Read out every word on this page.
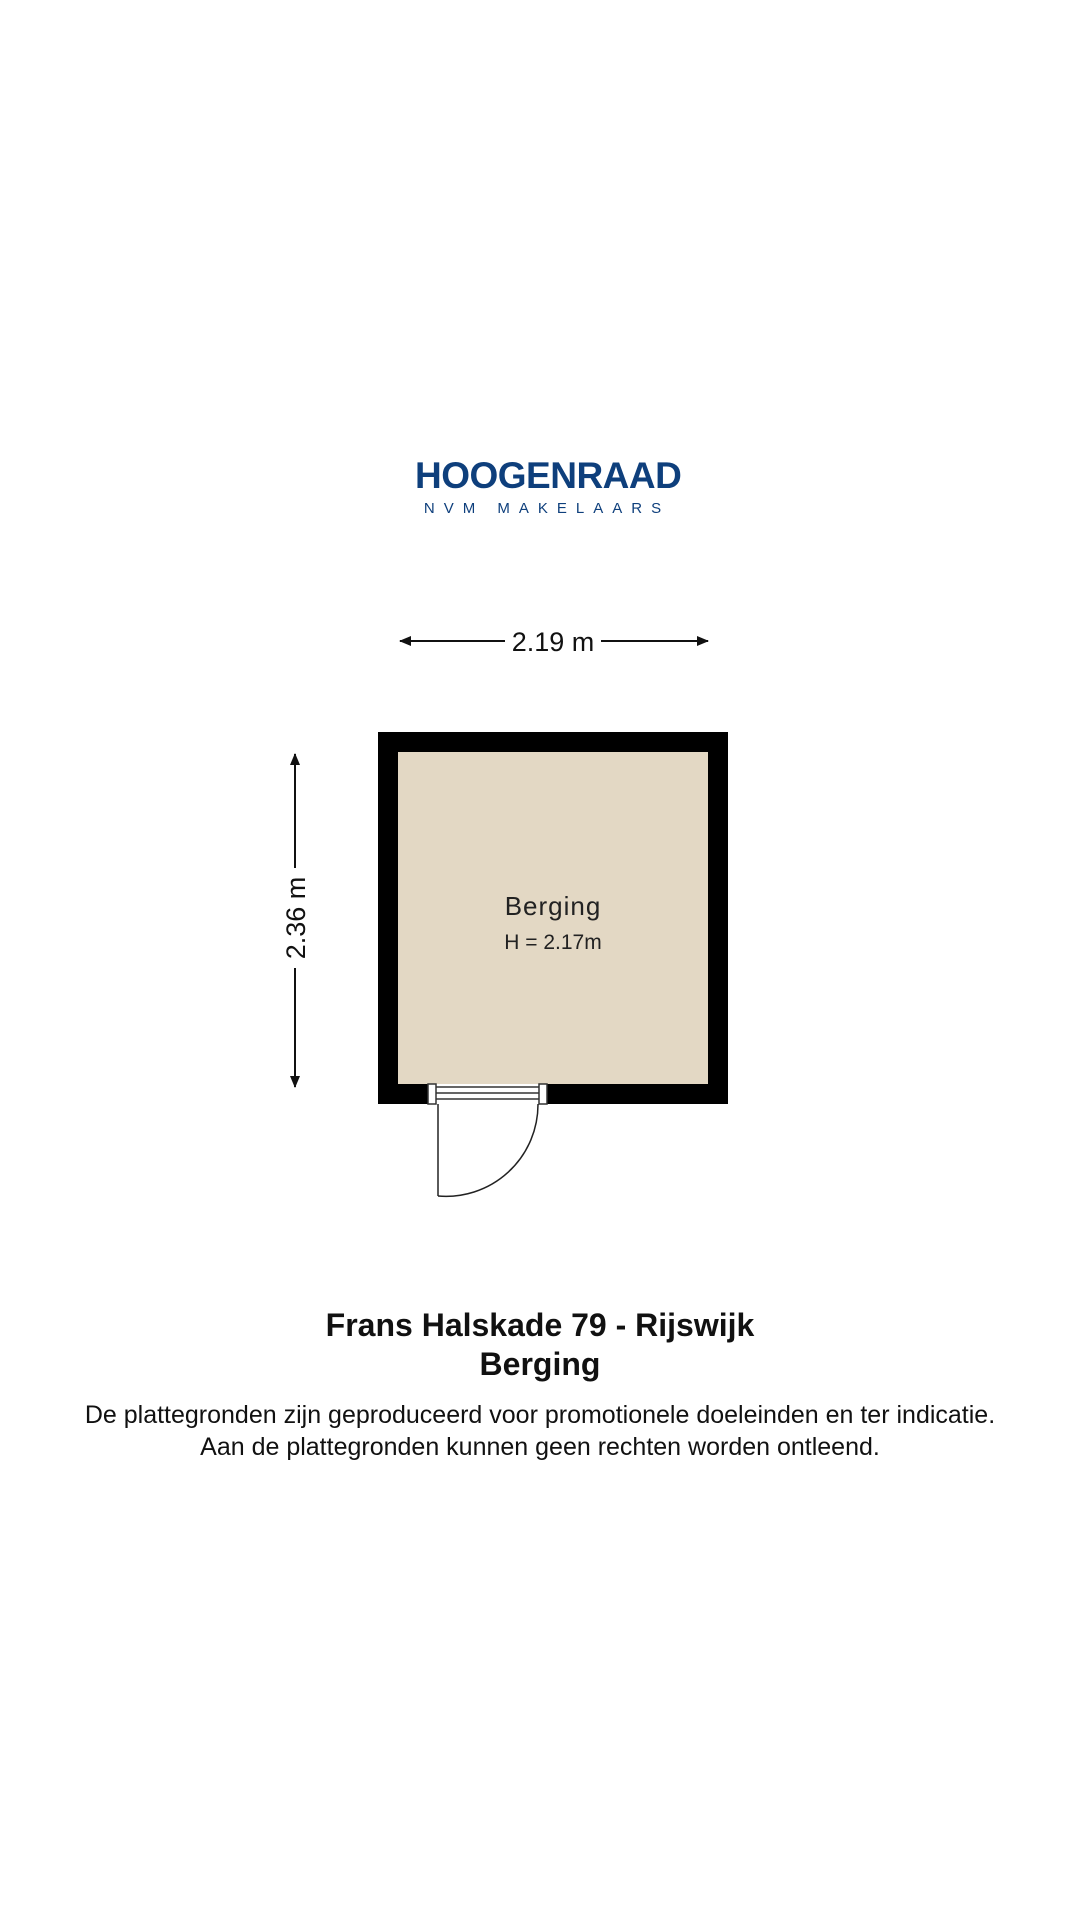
HOOGENRAAD
NVM MAKELAARS
2.19 m
2.36 m	Berging
H = 2.17m
Frans Halskade 79 - Rijswijk
Berging
De plattegronden zijn geproduceerd voor promotionele doeleinden en ter indicatie.
Aan de plattegronden kunnen geen rechten worden ontleend.
